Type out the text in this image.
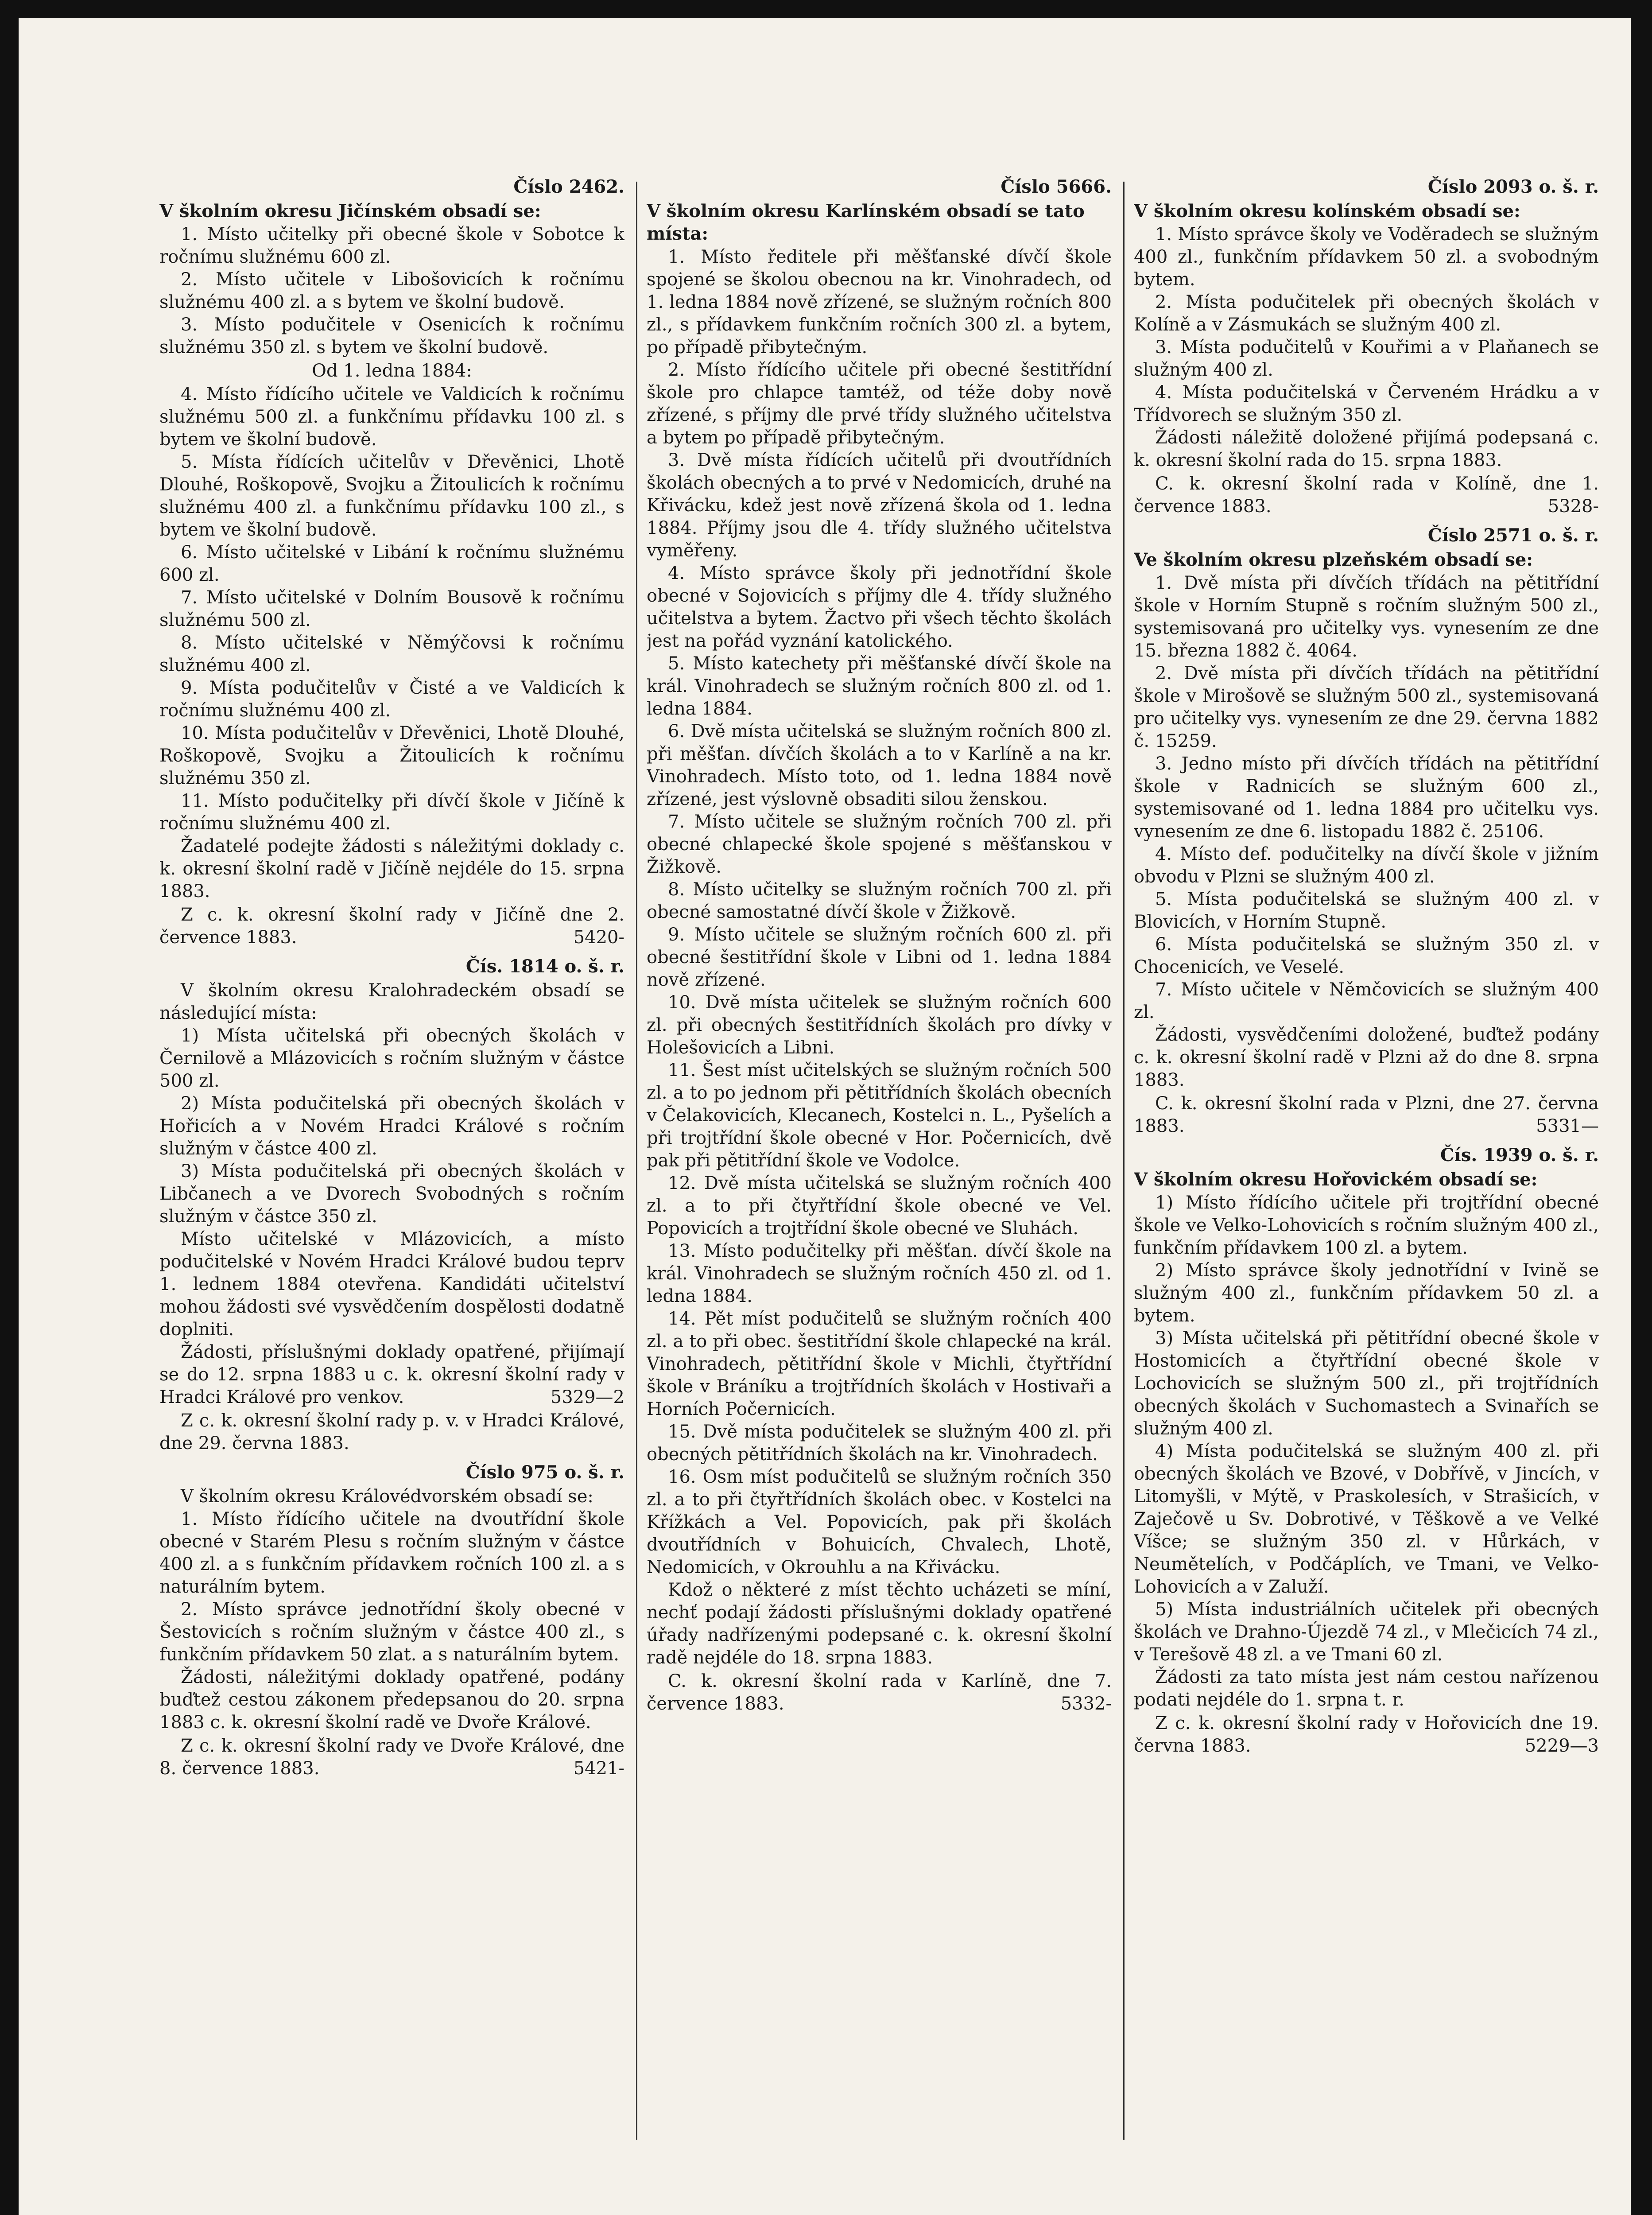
Číslo 2462.
V školním okresu Jičínském obsadí se:
1. Místo učitelky při obecné škole v Sobotce k ročnímu služnému 600 zl.
2. Místo učitele v Libošovicích k ročnímu služnému 400 zl. a s bytem ve školní budově.
3. Místo podučitele v Osenicích k ročnímu služnému 350 zl. s bytem ve školní budově.
Od 1. ledna 1884:
4. Místo řídícího učitele ve Valdicích k ročnímu služnému 500 zl. a funkčnímu přídavku 100 zl. s bytem ve školní budově.
5. Místa řídících učitelův v Dřevěnici, Lhotě Dlouhé, Roškopově, Svojku a Žitoulicích k ročnímu služnému 400 zl. a funkčnímu přídavku 100 zl., s bytem ve školní budově.
6. Místo učitelské v Libání k ročnímu služnému 600 zl.
7. Místo učitelské v Dolním Bousově k ročnímu služnému 500 zl.
8. Místo učitelské v Němýčovsi k ročnímu služnému 400 zl.
9. Místa podučitelův v Čisté a ve Valdicích k ročnímu služnému 400 zl.
10. Místa podučitelův v Dřevěnici, Lhotě Dlouhé, Roškopově, Svojku a Žitoulicích k ročnímu služnému 350 zl.
11. Místo podučitelky při dívčí škole v Jičíně k ročnímu služnému 400 zl.
Žadatelé podejte žádosti s náležitými doklady c. k. okresní školní radě v Jičíně nejdéle do 15. srpna 1883.
Z c. k. okresní školní rady v Jičíně dne 2. července 1883.	5420-
Čís. 1814 o. š. r.
V školním okresu Kralohradeckém obsadí se následující místa:
1) Místa učitelská při obecných školách v Černilově a Mlázovicích s ročním služným v částce 500 zl.
2) Místa podučitelská při obecných školách v Hořicích a v Novém Hradci Králové s ročním služným v částce 400 zl.
3) Místa podučitelská při obecných školách v Libčanech a ve Dvorech Svobodných s ročním služným v částce 350 zl.
Místo učitelské v Mlázovicích, a místo podučitelské v Novém Hradci Králové budou teprv 1. lednem 1884 otevřena. Kandidáti učitelství mohou žádosti své vysvědčením dospělosti dodatně doplniti.
Žádosti, příslušnými doklady opatřené, přijímají se do 12. srpna 1883 u c. k. okresní školní rady v Hradci Králové pro venkov.	5329—2
Z c. k. okresní školní rady p. v. v Hradci Králové, dne 29. června 1883.
Číslo 975 o. š. r.
V školním okresu Královédvorském obsadí se:
1. Místo řídícího učitele na dvoutřídní škole obecné v Starém Plesu s ročním služným v částce 400 zl. a s funkčním přídavkem ročních 100 zl. a s naturálním bytem.
2. Místo správce jednotřídní školy obecné v Šestovicích s ročním služným v částce 400 zl., s funkčním přídavkem 50 zlat. a s naturálním bytem.
Žádosti, náležitými doklady opatřené, podány buďtež cestou zákonem předepsanou do 20. srpna 1883 c. k. okresní školní radě ve Dvoře Králové.
Z c. k. okresní školní rady ve Dvoře Králové, dne 8. července 1883.	5421-
Číslo 5666.
V školním okresu Karlínském obsadí se tato místa:
1. Místo ředitele při měšťanské dívčí škole spojené se školou obecnou na kr. Vinohradech, od 1. ledna 1884 nově zřízené, se služným ročních 800 zl., s přídavkem funkčním ročních 300 zl. a bytem, po případě přibytečným.
2. Místo řídícího učitele při obecné šestitřídní škole pro chlapce tamtéž, od téže doby nově zřízené, s příjmy dle prvé třídy služného učitelstva a bytem po případě přibytečným.
3. Dvě místa řídících učitelů při dvoutřídních školách obecných a to prvé v Nedomicích, druhé na Křivácku, kdež jest nově zřízená škola od 1. ledna 1884. Příjmy jsou dle 4. třídy služného učitelstva vyměřeny.
4. Místo správce školy při jednotřídní škole obecné v Sojovicích s příjmy dle 4. třídy služného učitelstva a bytem. Žactvo při všech těchto školách jest na pořád vyznání katolického.
5. Místo katechety při měšťanské dívčí škole na král. Vinohradech se služným ročních 800 zl. od 1. ledna 1884.
6. Dvě místa učitelská se služným ročních 800 zl. při měšťan. dívčích školách a to v Karlíně a na kr. Vinohradech. Místo toto, od 1. ledna 1884 nově zřízené, jest výslovně obsaditi silou ženskou.
7. Místo učitele se služným ročních 700 zl. při obecné chlapecké škole spojené s měšťanskou v Žižkově.
8. Místo učitelky se služným ročních 700 zl. při obecné samostatné dívčí škole v Žižkově.
9. Místo učitele se služným ročních 600 zl. při obecné šestitřídní škole v Libni od 1. ledna 1884 nově zřízené.
10. Dvě místa učitelek se služným ročních 600 zl. při obecných šestitřídních školách pro dívky v Holešovicích a Libni.
11. Šest míst učitelských se služným ročních 500 zl. a to po jednom při pětitřídních školách obecních v Čelakovicích, Klecanech, Kostelci n. L., Pyšelích a při trojtřídní škole obecné v Hor. Počernicích, dvě pak při pětitřídní škole ve Vodolce.
12. Dvě místa učitelská se služným ročních 400 zl. a to při čtyřtřídní škole obecné ve Vel. Popovicích a trojtřídní škole obecné ve Sluhách.
13. Místo podučitelky při měšťan. dívčí škole na král. Vinohradech se služným ročních 450 zl. od 1. ledna 1884.
14. Pět míst podučitelů se služným ročních 400 zl. a to při obec. šestitřídní škole chlapecké na král. Vinohradech, pětitřídní škole v Michli, čtyřtřídní škole v Bráníku a trojtřídních školách v Hostivaři a Horních Počernicích.
15. Dvě místa podučitelek se služným 400 zl. při obecných pětitřídních školách na kr. Vinohradech.
16. Osm míst podučitelů se služným ročních 350 zl. a to při čtyřtřídních školách obec. v Kostelci na Křížkách a Vel. Popovicích, pak při školách dvoutřídních v Bohuicích, Chvalech, Lhotě, Nedomicích, v Okrouhlu a na Křivácku.
Kdož o některé z míst těchto ucházeti se míní, nechť podají žádosti příslušnými doklady opatřené úřady nadřízenými podepsané c. k. okresní školní radě nejdéle do 18. srpna 1883.
C. k. okresní školní rada v Karlíně, dne 7. července 1883.	5332-
Číslo 2093 o. š. r.
V školním okresu kolínském obsadí se:
1. Místo správce školy ve Voděradech se služným 400 zl., funkčním přídavkem 50 zl. a svobodným bytem.
2. Místa podučitelek při obecných školách v Kolíně a v Zásmukách se služným 400 zl.
3. Místa podučitelů v Kouřimi a v Plaňanech se služným 400 zl.
4. Místa podučitelská v Červeném Hrádku a v Třídvorech se služným 350 zl.
Žádosti náležitě doložené přijímá podepsaná c. k. okresní školní rada do 15. srpna 1883.
C. k. okresní školní rada v Kolíně, dne 1. července 1883.	5328-
Číslo 2571 o. š. r.
Ve školním okresu plzeňském obsadí se:
1. Dvě místa při dívčích třídách na pětitřídní škole v Horním Stupně s ročním služným 500 zl., systemisovaná pro učitelky vys. vynesením ze dne 15. března 1882 č. 4064.
2. Dvě místa při dívčích třídách na pětitřídní škole v Mirošově se služným 500 zl., systemisovaná pro učitelky vys. vynesením ze dne 29. června 1882 č. 15259.
3. Jedno místo při dívčích třídách na pětitřídní škole v Radnicích se služným 600 zl., systemisované od 1. ledna 1884 pro učitelku vys. vynesením ze dne 6. listopadu 1882 č. 25106.
4. Místo def. podučitelky na dívčí škole v jižním obvodu v Plzni se služným 400 zl.
5. Místa podučitelská se služným 400 zl. v Blovicích, v Horním Stupně.
6. Místa podučitelská se služným 350 zl. v Chocenicích, ve Veselé.
7. Místo učitele v Němčovicích se služným 400 zl.
Žádosti, vysvědčeními doložené, buďtež podány c. k. okresní školní radě v Plzni až do dne 8. srpna 1883.
C. k. okresní školní rada v Plzni, dne 27. června 1883.	5331—
Čís. 1939 o. š. r.
V školním okresu Hořovickém obsadí se:
1) Místo řídícího učitele při trojtřídní obecné škole ve Velko-Lohovicích s ročním služným 400 zl., funkčním přídavkem 100 zl. a bytem.
2) Místo správce školy jednotřídní v Ivině se služným 400 zl., funkčním přídavkem 50 zl. a bytem.
3) Místa učitelská při pětitřídní obecné škole v Hostomicích a čtyřtřídní obecné škole v Lochovicích se služným 500 zl., při trojtřídních obecných školách v Suchomastech a Svinařích se služným 400 zl.
4) Místa podučitelská se služným 400 zl. při obecných školách ve Bzové, v Dobřívě, v Jincích, v Litomyšli, v Mýtě, v Praskolesích, v Strašicích, v Zaječově u Sv. Dobrotivé, v Těškově a ve Velké Víšce; se služným 350 zl. v Hůrkách, v Neumětelích, v Podčáplích, ve Tmani, ve Velko-Lohovicích a v Zaluží.
5) Místa industriálních učitelek při obecných školách ve Drahno-Újezdě 74 zl., v Mlečicích 74 zl., v Terešově 48 zl. a ve Tmani 60 zl.
Žádosti za tato místa jest nám cestou nařízenou podati nejdéle do 1. srpna t. r.
Z c. k. okresní školní rady v Hořovicích dne 19. června 1883.	5229—3
